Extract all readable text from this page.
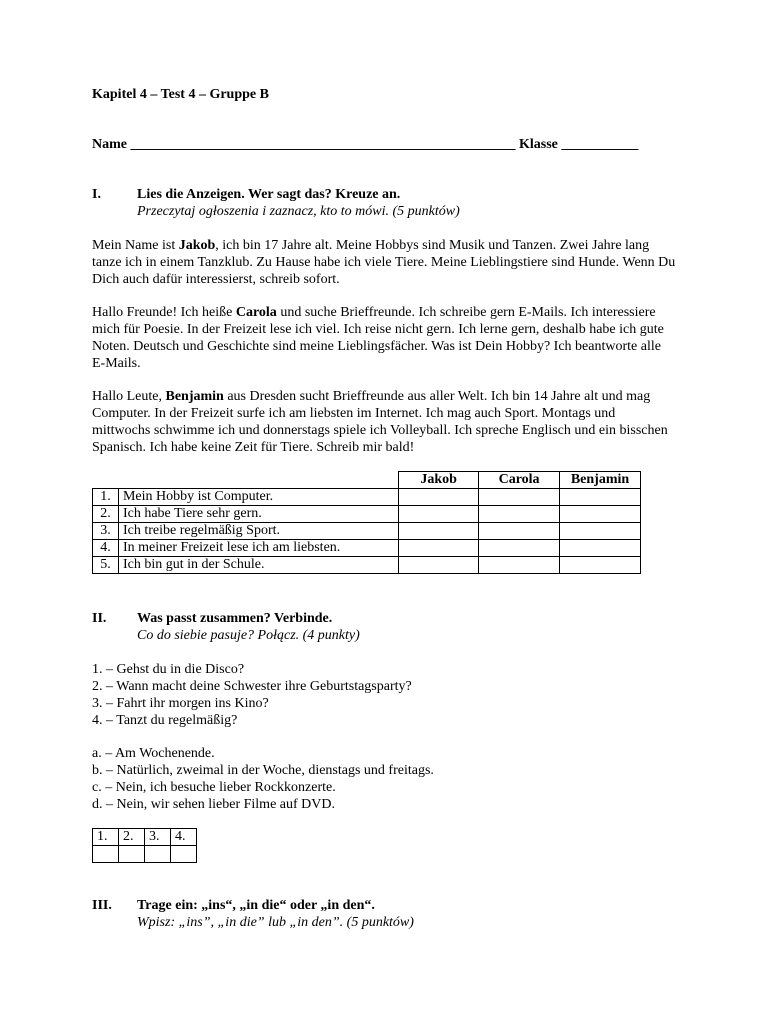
Kapitel 4 – Test 4 – Gruppe B
Name _______________________________________________________ Klasse ___________
I.	Lies die Anzeigen. Wer sagt das? Kreuze an.
Przeczytaj ogłoszenia i zaznacz, kto to mówi. (5 punktów)
Mein Name ist Jakob, ich bin 17 Jahre alt. Meine Hobbys sind Musik und Tanzen. Zwei Jahre lang tanze ich in einem Tanzklub. Zu Hause habe ich viele Tiere. Meine Lieblingstiere sind Hunde. Wenn Du Dich auch dafür interessierst, schreib sofort.
Hallo Freunde! Ich heiße Carola und suche Brieffreunde. Ich schreibe gern E-Mails. Ich interessiere mich für Poesie. In der Freizeit lese ich viel. Ich reise nicht gern. Ich lerne gern, deshalb habe ich gute Noten. Deutsch und Geschichte sind meine Lieblingsfächer. Was ist Dein Hobby? Ich beantworte alle E-Mails.
Hallo Leute, Benjamin aus Dresden sucht Brieffreunde aus aller Welt. Ich bin 14 Jahre alt und mag Computer. In der Freizeit surfe ich am liebsten im Internet. Ich mag auch Sport. Montags und mittwochs schwimme ich und donnerstags spiele ich Volleyball. Ich spreche Englisch und ein bisschen Spanisch. Ich habe keine Zeit für Tiere. Schreib mir bald!
		Jakob	Carola	Benjamin
1.	Mein Hobby ist Computer.			
2.	Ich habe Tiere sehr gern.			
3.	Ich treibe regelmäßig Sport.			
4.	In meiner Freizeit lese ich am liebsten.			
5.	Ich bin gut in der Schule.			
II. Was passt zusammen? Verbinde.
Co do siebie pasuje? Połącz. (4 punkty)
1. – Gehst du in die Disco?
2. – Wann macht deine Schwester ihre Geburtstagsparty?
3. – Fahrt ihr morgen ins Kino?
4. – Tanzt du regelmäßig?
a. – Am Wochenende.
b. – Natürlich, zweimal in der Woche, dienstags und freitags.
c. – Nein, ich besuche lieber Rockkonzerte.
d. – Nein, wir sehen lieber Filme auf DVD.
1.	2.	3.	4.

III. Trage ein: „ins“, „in die“ oder „in den“.
Wpisz: „ins”, „in die” lub „in den”. (5 punktów)
